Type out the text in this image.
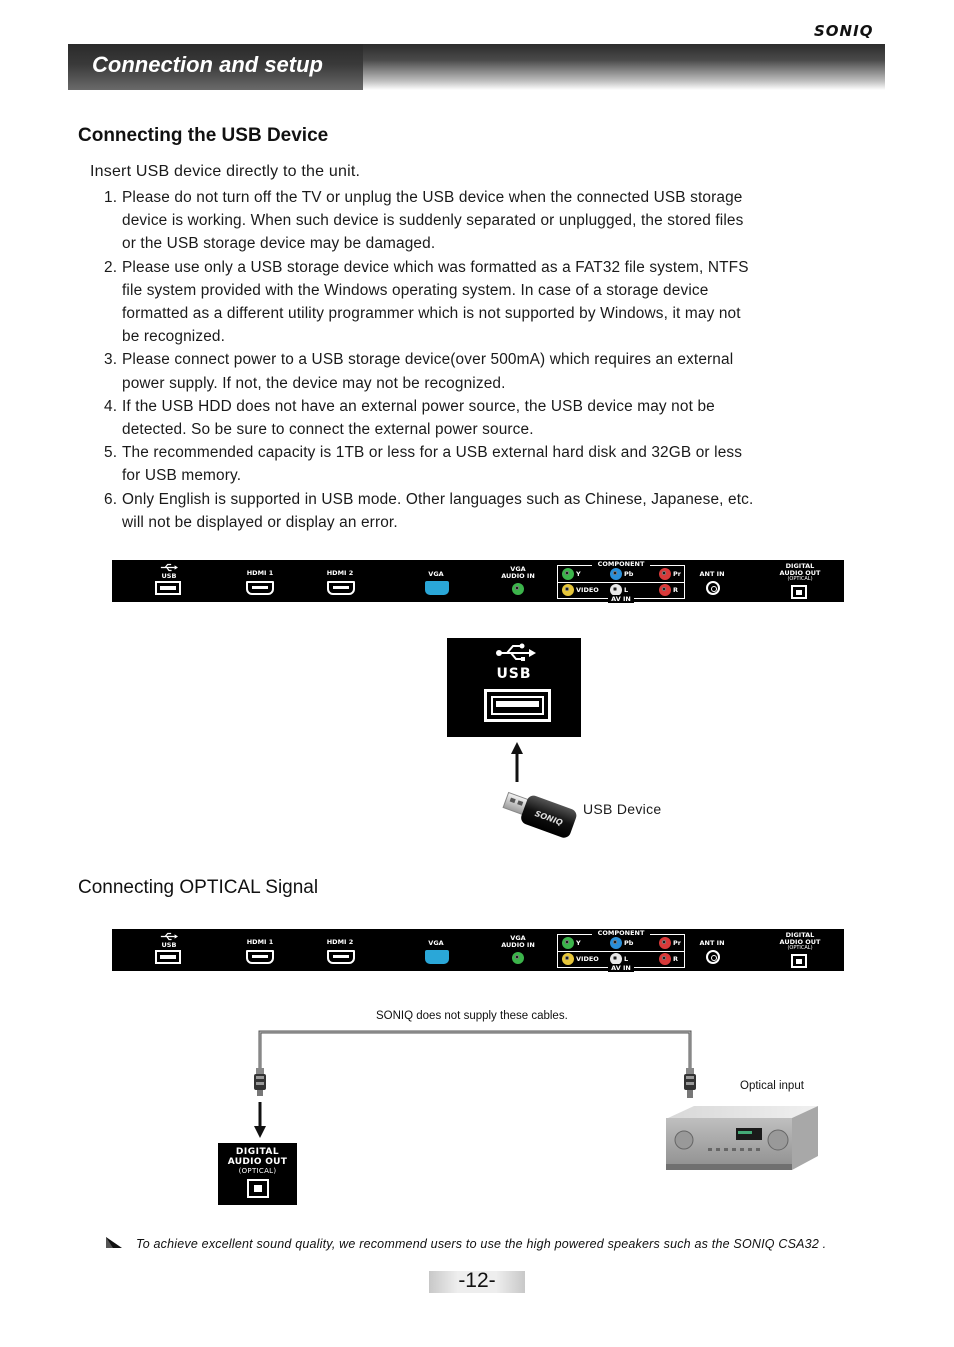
SONIQ
Connection and setup
Connecting the USB Device
Insert USB device directly to the unit.
1. Please do not turn off the TV or unplug the USB device when the connected USB storage
device is working. When such device is suddenly separated or unplugged, the stored files
or the USB storage device may be damaged.
2. Please use only a USB storage device which was formatted as a FAT32 file system, NTFS
file system provided with the Windows operating system. In case of a storage device
formatted as a different utility programmer which is not supported by Windows, it may not
be recognized.
3. Please connect power to a USB storage device(over 500mA) which requires an external
power supply. If not, the device may not be recognized.
4. If the USB HDD does not have an external power source, the USB device may not be
detected. So be sure to connect the external power source.
5. The recommended capacity is 1TB or less for a USB external hard disk and 32GB or less
for USB memory.
6. Only English is supported in USB mode. Other languages such as Chinese, Japanese, etc.
will not be displayed or display an error.
USB	HDMI 1	HDMI 2	VGA
VGA
AUDIO IN
COMPONENT
Y	Pb	Pr
VIDEO	L	R
AV IN
ANT IN
DIGITAL
AUDIO OUT
(OPTICAL)
USB	HDMI 1	HDMI 2	VGA
VGA
AUDIO IN
COMPONENT
Y	Pb	Pr
VIDEO	L	R
AV IN
ANT IN
DIGITAL
AUDIO OUT
(OPTICAL)
USB
SONIQ
USB Device
Connecting OPTICAL Signal
SONIQ does not supply these cables.
Optical input
DIGITAL
AUDIO OUT
(OPTICAL)
To achieve excellent sound quality, we recommend users to use the high powered speakers such as the SONIQ CSA32 .
-12-
